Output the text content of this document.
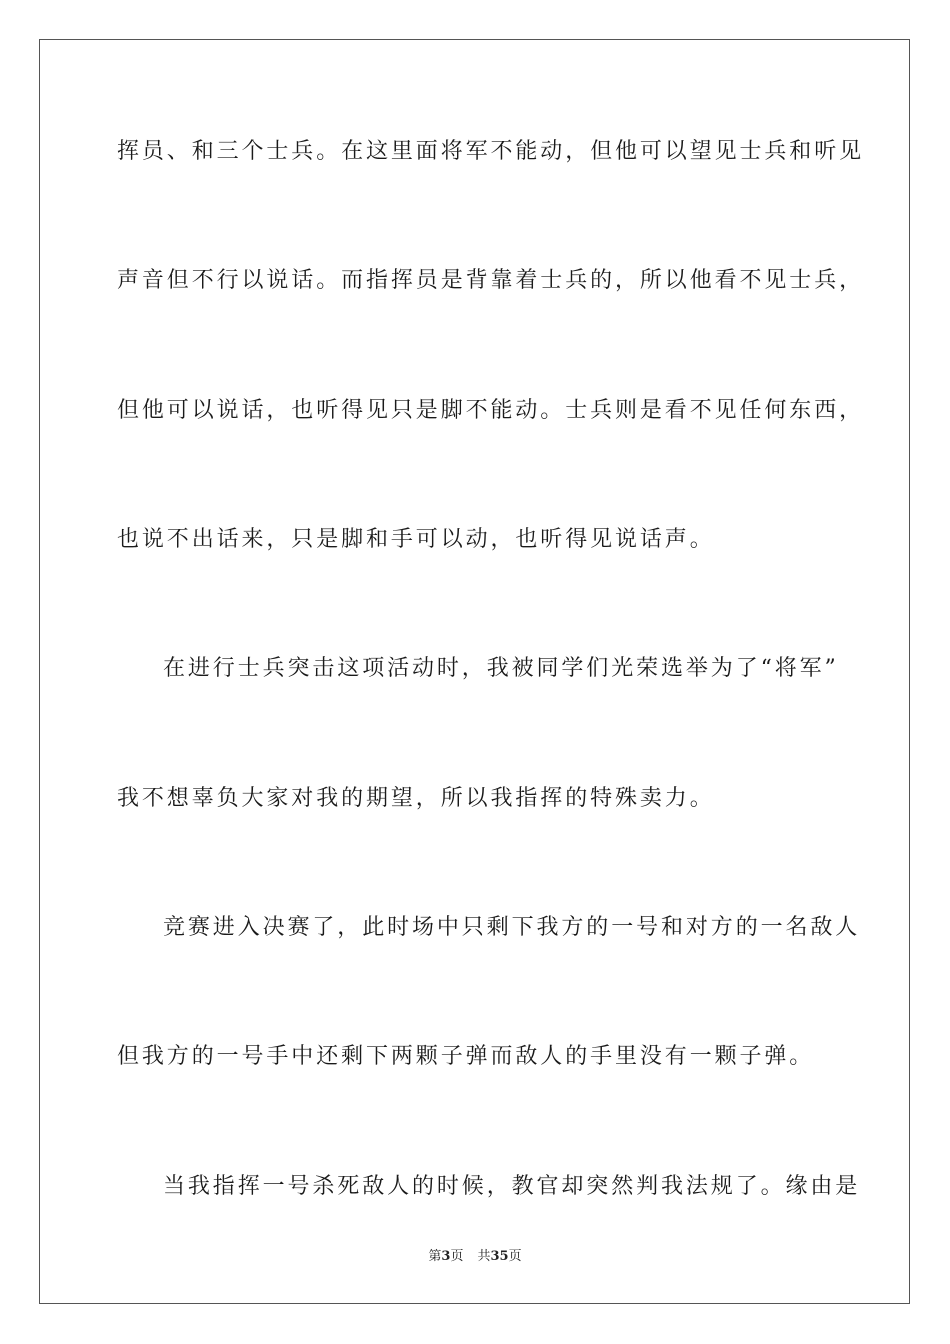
挥员、和三个士兵。在这里面将军不能动，但他可以望见士兵和听见

声音但不行以说话。而指挥员是背靠着士兵的，所以他看不见士兵，

但他可以说话，也听得见只是脚不能动。士兵则是看不见任何东西，

也说不出话来，只是脚和手可以动，也听得见说话声。

在进行士兵突击这项活动时，我被同学们光荣选举为了“将军”

我不想辜负大家对我的期望，所以我指挥的特殊卖力。

竞赛进入决赛了，此时场中只剩下我方的一号和对方的一名敌人

但我方的一号手中还剩下两颗子弹而敌人的手里没有一颗子弹。

当我指挥一号杀死敌人的时候，教官却突然判我法规了。缘由是

第3页 共35页
